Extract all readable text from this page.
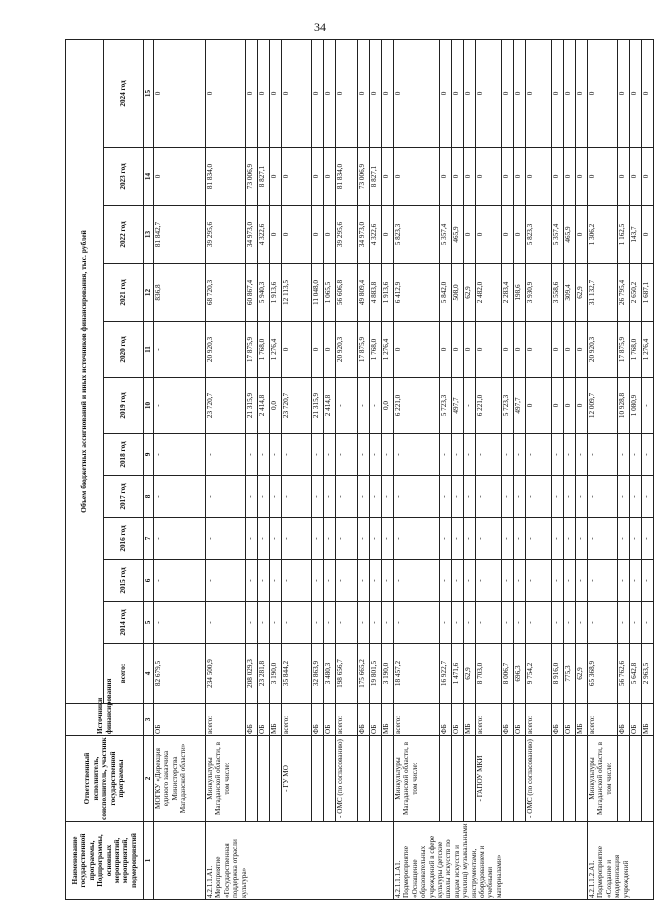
34
Наименование государственной программы, Подпрограммы, основных мероприятий, мероприятий, подмероприятий	Ответственный исполнитель, соисполнитель, участник государственной программы	Источники финансирования	Объем бюджетных ассигнований и иных источников финансирования, тыс. рублей											
			всего:	2014 год	2015 год	2016 год	2017 год	2018 год	2019 год	2020 год	2021 год	2022 год	2023 год	2024 год
1	2	3	4	5	6	7	8	9	10	11	12	13	14	15
	МОГКУ «Дирекция единого заказчика Министерства Магаданской области»	ОБ	82 679,5	-	-	-	-	-	-	-	836,8	81 842,7	0	0
4.2.1.1.А1. Мероприятие «Государственная поддержка отрасли культура»	Минкультуры Магаданской области, в том числе:	всего:	234 500,9	-	-	-	-	-	23 720,7	20 920,3	68 720,3	39 295,6	81 834,0	0
		ФБ	208 029,3	-	-	-	-	-	21 315,9	17 875,9	60 867,4	34 973,0	73 006,9	0
		ОБ	23 281,8	-	-	-	-	-	2 414,8	1 768,0	5 940,3	4 322,6	8 827,1	0
		МБ	3 190,0	-	-	-	-	-	0,0	1 276,4	1 913,6	0	0	0
	- ГУ МО	всего:	35 844,2	-	-	-	-	-	23 720,7	0	12 113,5	0	0	0
		ФБ	32 863,9	-	-	-	-	-	21 315,9	0	11 048,0	0	0	0
		ОБ	3 480,3	-	-	-	-	-	2 414,8	0	1 065,5	0	0	0
	- ОМС (по согласованию)	всего:	198 656,7	-	-	-	-	-	-	20 920,3	56 606,8	39 295,6	81 834,0	0
		ФБ	175 665,2	-	-	-	-	-	-	17 875,9	49 809,4	34 973,0	73 006,9	0
		ОБ	19 801,5	-	-	-	-	-	-	1 768,0	4 883,8	4 322,6	8 827,1	0
		МБ	3 190,0	-	-	-	-	-	0,0	1 276,4	1 913,6	0	0	0
4.2.1.1.1.А1. Подмероприятие «Оснащение образовательных учреждений в сфере культуры (детские школы искусств по видам искусств и училищ) музыкальными инструментами, оборудованием и учебными материалами»	Минкультуры Магаданской области, в том числе:	всего:	18 457,2	-	-	-	-	-	6 221,0	0	6 412,9	5 823,3	0	0
		ФБ	16 922,7	-	-	-	-	-	5 723,3	0	5 842,0	5 357,4	0	0
		ОБ	1 471,6	-	-	-	-	-	497,7	0	508,0	465,9	0	0
		МБ	62,9	-	-	-	-	-	-	0	62,9	0	0	0
	- ГАПОУ МКИ	всего:	8 703,0	-	-	-	-	-	6 221,0	0	2 482,0	0	0	0
		ФБ	8 006,7	-	-	-	-	-	5 723,3	0	2 283,4	0	0	0
		ОБ	696,3	-	-	-	-	-	497,7	0	198,6	0	0	0
	- ОМС (по согласованию)	всего:	9 754,2	-	-	-	-	-	0	0	3 930,9	5 823,3	0	0
		ФБ	8 916,0	-	-	-	-	-	0	0	3 558,6	5 357,4	0	0
		ОБ	775,3	-	-	-	-	-	0	0	309,4	465,9	0	0
		МБ	62,9	-	-	-	-	-	0	0	62,9	0	0	0
4.2.1.1.2.А1. Подмероприятие «Создание и модернизация учреждений	Минкультуры Магаданской области, в том числе:	всего:	65 368,9	-	-	-	-	-	12 009,7	20 920,3	31 132,7	1 306,2	0	0
		ФБ	56 762,6	-	-	-	-	-	10 928,8	17 875,9	26 795,4	1 162,5	0	0
		ОБ	5 642,8	-	-	-	-	-	1 080,9	1 768,0	2 650,2	143,7	0	0
		МБ	2 963,5	-	-	-	-	-	-	1 276,4	1 687,1	0	0	0
